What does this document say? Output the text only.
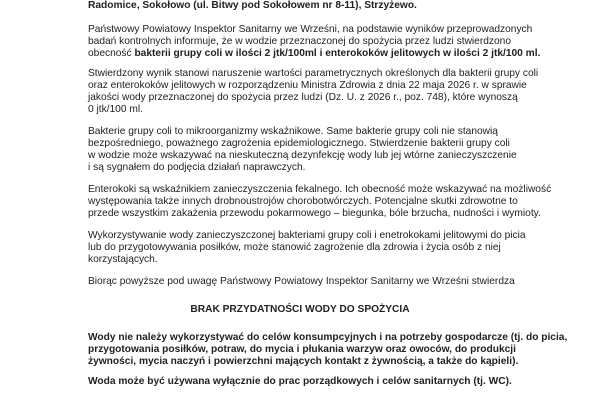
Radomice, Sokołowo (ul. Bitwy pod Sokołowem nr 8-11), Strzyżewo.
Państwowy Powiatowy Inspektor Sanitarny we Wrześni, na podstawie wyników przeprowadzonych
badań kontrolnych informuje, że w wodzie przeznaczonej do spożycia przez ludzi stwierdzono
obecność bakterii grupy coli w ilości 2 jtk/100ml i enterokoków jelitowych w ilości 2 jtk/100 ml.
Stwierdzony wynik stanowi naruszenie wartości parametrycznych określonych dla bakterii grupy coli
oraz enterokoków jelitowych w rozporządzeniu Ministra Zdrowia z dnia 22 maja 2026 r. w sprawie
jakości wody przeznaczonej do spożycia przez ludzi (Dz. U. z 2026 r., poz. 748), które wynoszą
0 jtk/100 ml.
Bakterie grupy coli to mikroorganizmy wskaźnikowe. Same bakterie grupy coli nie stanowią
bezpośredniego, poważnego zagrożenia epidemiologicznego. Stwierdzenie bakterii grupy coli
w wodzie może wskazywać na nieskuteczną dezynfekcję wody lub jej wtórne zanieczyszczenie
i są sygnałem do podjęcia działań naprawczych.
Enterokoki są wskaźnikiem zanieczyszczenia fekalnego. Ich obecność może wskazywać na możliwość
występowania także innych drobnoustrojów chorobotwórczych. Potencjalne skutki zdrowotne to
przede wszystkim zakażenia przewodu pokarmowego – biegunka, bóle brzucha, nudności i wymioty.
Wykorzystywanie wody zanieczyszczonej bakteriami grupy coli i enetrokokami jelitowymi do picia
lub do przygotowywania posiłków, może stanowić zagrożenie dla zdrowia i życia osób z niej
korzystających.
Biorąc powyższe pod uwagę Państwowy Powiatowy Inspektor Sanitarny we Wrześni stwierdza
BRAK PRZYDATNOŚCI WODY DO SPOŻYCIA
Wody nie należy wykorzystywać do celów konsumpcyjnych i na potrzeby gospodarcze (tj. do picia,
przygotowania posiłków, potraw, do mycia i płukania warzyw oraz owoców, do produkcji
żywności, mycia naczyń i powierzchni mających kontakt z żywnością, a także do kąpieli).
Woda może być używana wyłącznie do prac porządkowych i celów sanitarnych (tj. WC).
